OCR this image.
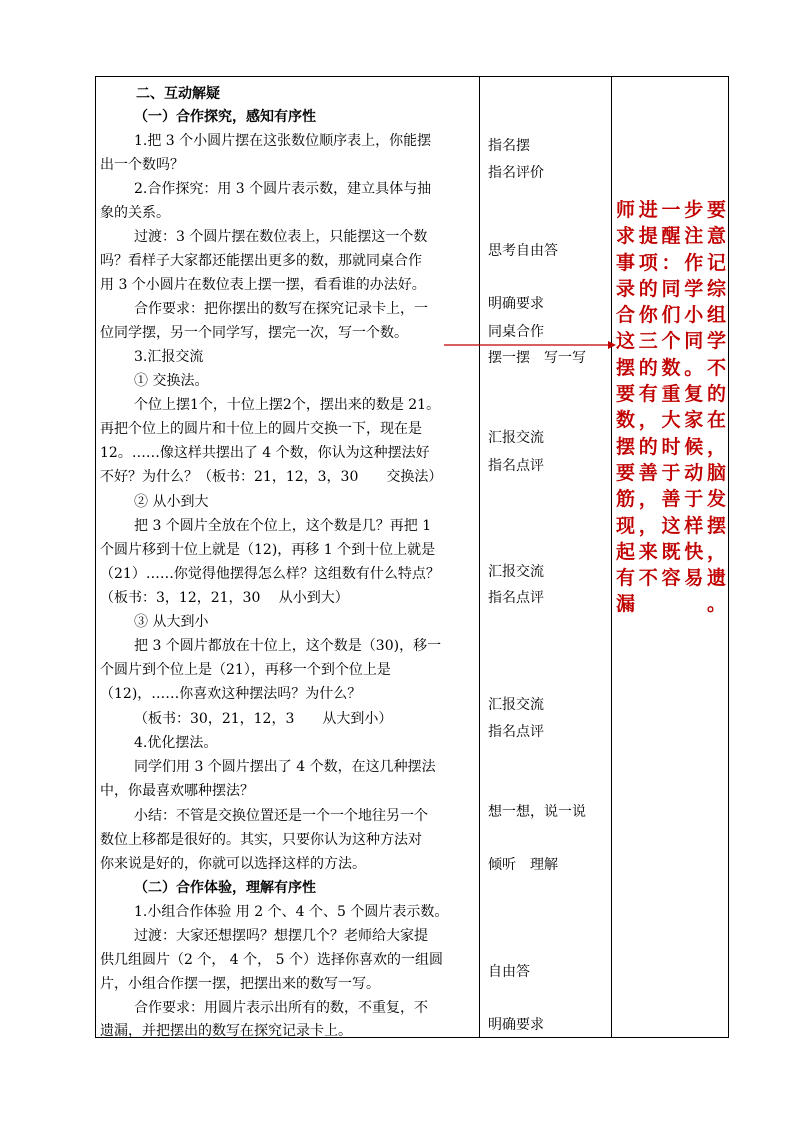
二、互动解疑
（一）合作探究，感知有序性
1.把 3 个小圆片摆在这张数位顺序表上，你能摆
出一个数吗？
2.合作探究：用 3 个圆片表示数，建立具体与抽
象的关系。
过渡：3 个圆片摆在数位表上，只能摆这一个数
吗？看样子大家都还能摆出更多的数，那就同桌合作
用 3 个小圆片在数位表上摆一摆，看看谁的办法好。
合作要求：把你摆出的数写在探究记录卡上，一
位同学摆，另一个同学写，摆完一次，写一个数。
3.汇报交流
① 交换法。
个位上摆1个，十位上摆2个，摆出来的数是 21。
再把个位上的圆片和十位上的圆片交换一下，现在是
12。……像这样共摆出了 4 个数，你认为这种摆法好
不好？为什么？（板书：21，12，3，30　　交换法）
② 从小到大
把 3 个圆片全放在个位上，这个数是几？再把 1
个圆片移到十位上就是（12)，再移 1 个到十位上就是
（21）……你觉得他摆得怎么样？这组数有什么特点？
（板书：3，12，21，30　 从小到大）
③ 从大到小
把 3 个圆片都放在十位上，这个数是（30)，移一
个圆片到个位上是（21），再移一个到个位上是
（12)，……你喜欢这种摆法吗？为什么？
（板书：30，21，12，3　　从大到小）
4.优化摆法。
同学们用 3 个圆片摆出了 4 个数，在这几种摆法
中，你最喜欢哪种摆法？
小结：不管是交换位置还是一个一个地往另一个
数位上移都是很好的。其实，只要你认为这种方法对
你来说是好的，你就可以选择这样的方法。
（二）合作体验，理解有序性
1.小组合作体验 用 2 个、4 个、5 个圆片表示数。
过渡：大家还想摆吗？想摆几个？老师给大家提
供几组圆片（2 个， 4 个， 5 个）选择你喜欢的一组圆
片，小组合作摆一摆，把摆出来的数写一写。
合作要求：用圆片表示出所有的数，不重复，不
遗漏，并把摆出的数写在探究记录卡上。
指名摆
指名评价
思考自由答
明确要求
同桌合作
摆一摆　写一写
汇报交流
指名点评
汇报交流
指名点评
汇报交流
指名点评
想一想，说一说
倾听　理解
自由答
明确要求
师进一步要求提醒注意事项：作记录的同学综合你们小组这三个同学摆的数。不要有重复的数，大家在摆的时候，要善于动脑筋，善于发现，这样摆起来既快，有不容易遗漏。
